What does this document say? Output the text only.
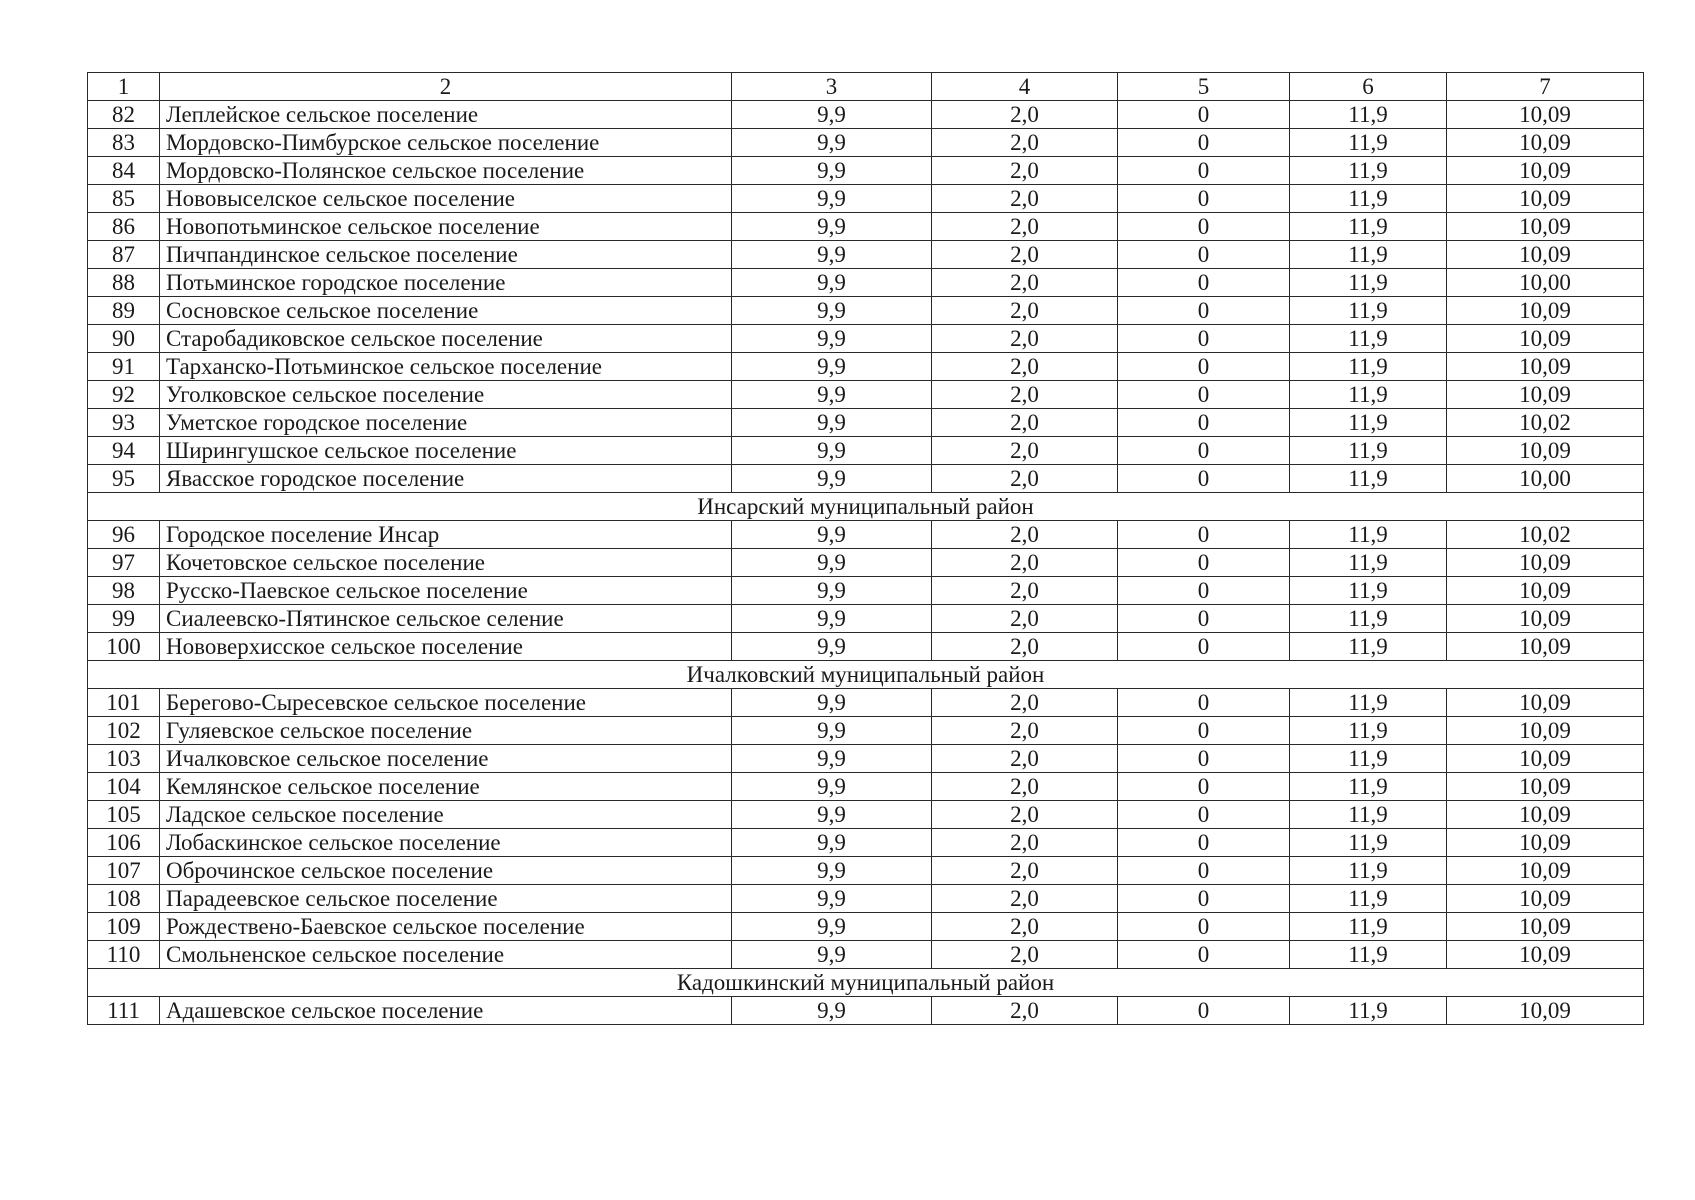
1	2	3	4	5	6	7
82	Леплейское сельское поселение	9,9	2,0	0	11,9	10,09
83	Мордовско-Пимбурское сельское поселение	9,9	2,0	0	11,9	10,09
84	Мордовско-Полянское сельское поселение	9,9	2,0	0	11,9	10,09
85	Нововыселское сельское поселение	9,9	2,0	0	11,9	10,09
86	Новопотьминское сельское поселение	9,9	2,0	0	11,9	10,09
87	Пичпандинское сельское поселение	9,9	2,0	0	11,9	10,09
88	Потьминское городское поселение	9,9	2,0	0	11,9	10,00
89	Сосновское сельское поселение	9,9	2,0	0	11,9	10,09
90	Старобадиковское сельское поселение	9,9	2,0	0	11,9	10,09
91	Тарханско-Потьминское сельское поселение	9,9	2,0	0	11,9	10,09
92	Уголковское сельское поселение	9,9	2,0	0	11,9	10,09
93	Уметское городское поселение	9,9	2,0	0	11,9	10,02
94	Ширингушское сельское поселение	9,9	2,0	0	11,9	10,09
95	Явасское городское поселение	9,9	2,0	0	11,9	10,00
Инсарский муниципальный район						
96	Городское поселение Инсар	9,9	2,0	0	11,9	10,02
97	Кочетовское сельское поселение	9,9	2,0	0	11,9	10,09
98	Русско-Паевское сельское поселение	9,9	2,0	0	11,9	10,09
99	Сиалеевско-Пятинское сельское селение	9,9	2,0	0	11,9	10,09
100	Нововерхисское сельское поселение	9,9	2,0	0	11,9	10,09
Ичалковский муниципальный район						
101	Берегово-Сыресевское сельское поселение	9,9	2,0	0	11,9	10,09
102	Гуляевское сельское поселение	9,9	2,0	0	11,9	10,09
103	Ичалковское сельское поселение	9,9	2,0	0	11,9	10,09
104	Кемлянское сельское поселение	9,9	2,0	0	11,9	10,09
105	Ладское сельское поселение	9,9	2,0	0	11,9	10,09
106	Лобаскинское сельское поселение	9,9	2,0	0	11,9	10,09
107	Оброчинское сельское поселение	9,9	2,0	0	11,9	10,09
108	Парадеевское сельское поселение	9,9	2,0	0	11,9	10,09
109	Рождествено-Баевское сельское поселение	9,9	2,0	0	11,9	10,09
110	Смольненское сельское поселение	9,9	2,0	0	11,9	10,09
Кадошкинский муниципальный район						
111	Адашевское сельское поселение	9,9	2,0	0	11,9	10,09
